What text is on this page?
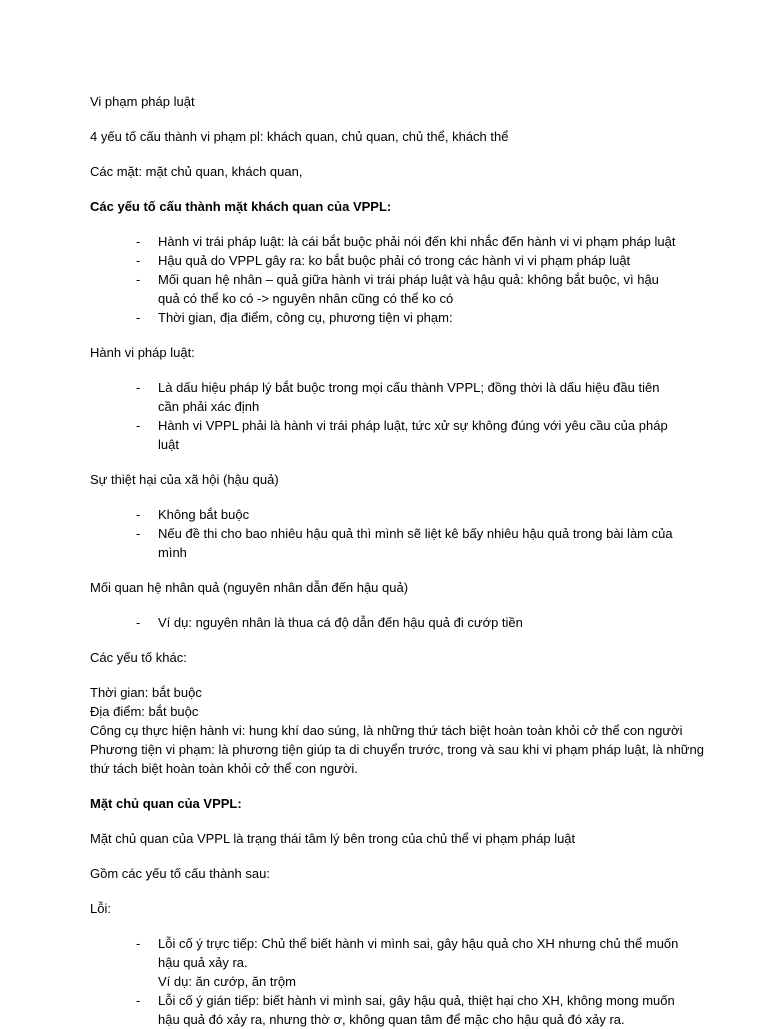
Vi phạm pháp luật

4 yếu tố cấu thành vi phạm pl: khách quan, chủ quan, chủ thể, khách thể

Các mặt: mặt chủ quan, khách quan,

Các yếu tố cấu thành mặt khách quan của VPPL:

- Hành vi trái pháp luật: là cái bắt buộc phải nói đến khi nhắc đến hành vi vi phạm pháp luật
- Hậu quả do VPPL gây ra: ko bắt buộc phải có trong các hành vi vi phạm pháp luật
- Mối quan hệ nhân – quả giữa hành vi trái pháp luật và hậu quả: không bắt buộc, vì hậu quả có thể ko có -> nguyên nhân cũng có thể ko có
- Thời gian, địa điểm, công cụ, phương tiện vi phạm:

Hành vi pháp luật:

- Là dấu hiệu pháp lý bắt buộc trong mọi cấu thành VPPL; đồng thời là dấu hiệu đầu tiên cần phải xác định
- Hành vi VPPL phải là hành vi trái pháp luật, tức xử sự không đúng với yêu cầu của pháp luật

Sự thiệt hại của xã hội (hậu quả)

- Không bắt buộc
- Nếu đề thi cho bao nhiêu hậu quả thì mình sẽ liệt kê bấy nhiêu hậu quả trong bài làm của mình

Mối quan hệ nhân quả (nguyên nhân dẫn đến hậu quả)

- Ví dụ: nguyên nhân là thua cá độ dẫn đến hậu quả đi cướp tiền

Các yếu tố khác:

Thời gian: bắt buộc

Địa điểm: bắt buộc

Công cụ thực hiện hành vi: hung khí dao súng, là những thứ tách biệt hoàn toàn khỏi cở thể con người

Phương tiện vi phạm: là phương tiện giúp ta di chuyển trước, trong và sau khi vi phạm pháp luật, là những thứ tách biệt hoàn toàn khỏi cở thể con người.

Mặt chủ quan của VPPL:

Mặt chủ quan của VPPL là trạng thái tâm lý bên trong của chủ thể vi phạm pháp luật

Gồm các yếu tố cấu thành sau:

Lỗi:

- Lỗi cố ý trực tiếp: Chủ thể biết hành vi mình sai, gây hậu quả cho XH nhưng chủ thể muốn hậu quả xảy ra.
Ví dụ: ăn cướp, ăn trộm
- Lỗi cố ý gián tiếp: biết hành vi mình sai, gây hậu quả, thiệt hại cho XH, không mong muốn hậu quả đó xảy ra, nhưng thờ ơ, không quan tâm để mặc cho hậu quả đó xảy ra.
